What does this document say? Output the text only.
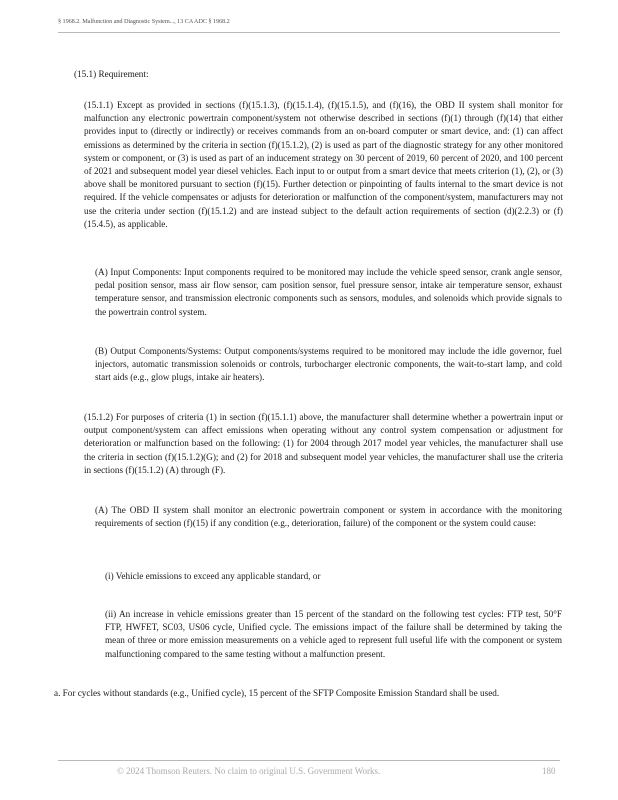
§ 1968.2. Malfunction and Diagnostic System..., 13 CA ADC § 1968.2

(15.1) Requirement:

(15.1.1) Except as provided in sections (f)(15.1.3), (f)(15.1.4), (f)(15.1.5), and (f)(16), the OBD II system shall monitor for malfunction any electronic powertrain component/system not otherwise described in sections (f)(1) through (f)(14) that either provides input to (directly or indirectly) or receives commands from an on-board computer or smart device, and: (1) can affect emissions as determined by the criteria in section (f)(15.1.2), (2) is used as part of the diagnostic strategy for any other monitored system or component, or (3) is used as part of an inducement strategy on 30 percent of 2019, 60 percent of 2020, and 100 percent of 2021 and subsequent model year diesel vehicles. Each input to or output from a smart device that meets criterion (1), (2), or (3) above shall be monitored pursuant to section (f)(15). Further detection or pinpointing of faults internal to the smart device is not required. If the vehicle compensates or adjusts for deterioration or malfunction of the component/system, manufacturers may not use the criteria under section (f)(15.1.2) and are instead subject to the default action requirements of section (d)(2.2.3) or (f)(15.4.5), as applicable.

(A) Input Components: Input components required to be monitored may include the vehicle speed sensor, crank angle sensor, pedal position sensor, mass air flow sensor, cam position sensor, fuel pressure sensor, intake air temperature sensor, exhaust temperature sensor, and transmission electronic components such as sensors, modules, and solenoids which provide signals to the powertrain control system.

(B) Output Components/Systems: Output components/systems required to be monitored may include the idle governor, fuel injectors, automatic transmission solenoids or controls, turbocharger electronic components, the wait-to-start lamp, and cold start aids (e.g., glow plugs, intake air heaters).

(15.1.2) For purposes of criteria (1) in section (f)(15.1.1) above, the manufacturer shall determine whether a powertrain input or output component/system can affect emissions when operating without any control system compensation or adjustment for deterioration or malfunction based on the following: (1) for 2004 through 2017 model year vehicles, the manufacturer shall use the criteria in section (f)(15.1.2)(G); and (2) for 2018 and subsequent model year vehicles, the manufacturer shall use the criteria in sections (f)(15.1.2) (A) through (F).

(A) The OBD II system shall monitor an electronic powertrain component or system in accordance with the monitoring requirements of section (f)(15) if any condition (e.g., deterioration, failure) of the component or the system could cause:

(i) Vehicle emissions to exceed any applicable standard, or

(ii) An increase in vehicle emissions greater than 15 percent of the standard on the following test cycles: FTP test, 50°F FTP, HWFET, SC03, US06 cycle, Unified cycle. The emissions impact of the failure shall be determined by taking the mean of three or more emission measurements on a vehicle aged to represent full useful life with the component or system malfunctioning compared to the same testing without a malfunction present.

a. For cycles without standards (e.g., Unified cycle), 15 percent of the SFTP Composite Emission Standard shall be used.

© 2024 Thomson Reuters. No claim to original U.S. Government Works.	180
